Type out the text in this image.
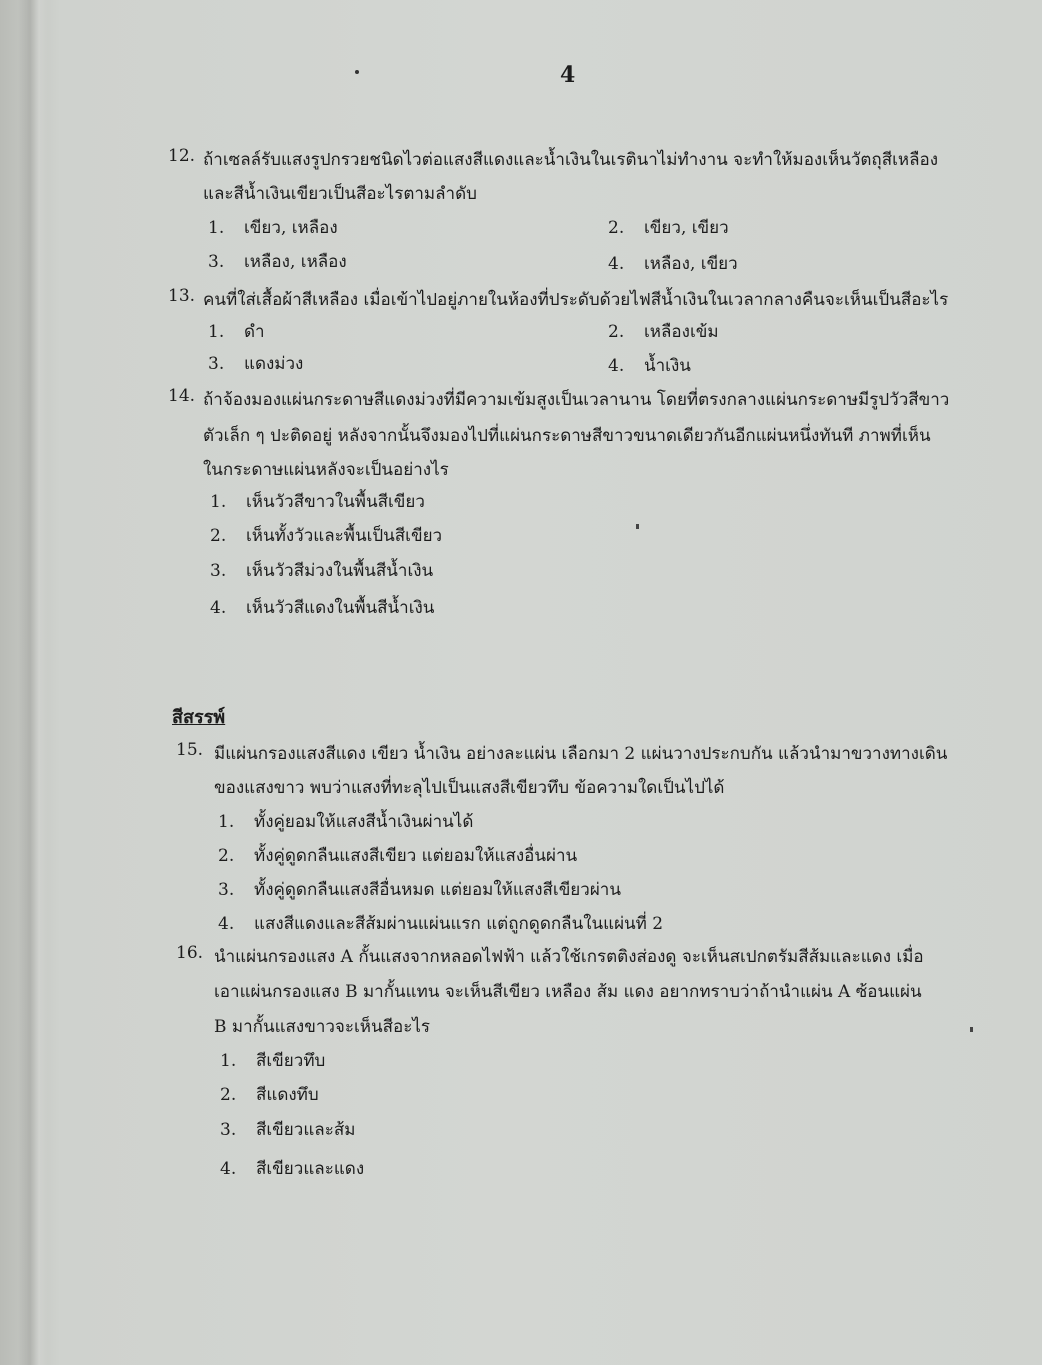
4
12. ถ้าเซลล์รับแสงรูปกรวยชนิดไวต่อแสงสีแดงและน้ำเงินในเรตินาไม่ทำงาน จะทำให้มองเห็นวัตถุสีเหลือง
และสีน้ำเงินเขียวเป็นสีอะไรตามลำดับ
1. เขียว, เหลือง	2. เขียว, เขียว
3. เหลือง, เหลือง	4. เหลือง, เขียว
13. คนที่ใส่เสื้อผ้าสีเหลือง เมื่อเข้าไปอยู่ภายในห้องที่ประดับด้วยไฟสีน้ำเงินในเวลากลางคืนจะเห็นเป็นสีอะไร
1. ดำ	2. เหลืองเข้ม
3. แดงม่วง	4. น้ำเงิน
14. ถ้าจ้องมองแผ่นกระดาษสีแดงม่วงที่มีความเข้มสูงเป็นเวลานาน โดยที่ตรงกลางแผ่นกระดาษมีรูปวัวสีขาว
ตัวเล็ก ๆ ปะติดอยู่ หลังจากนั้นจึงมองไปที่แผ่นกระดาษสีขาวขนาดเดียวกันอีกแผ่นหนึ่งทันที ภาพที่เห็น
ในกระดาษแผ่นหลังจะเป็นอย่างไร
1. เห็นวัวสีขาวในพื้นสีเขียว
2. เห็นทั้งวัวและพื้นเป็นสีเขียว
3. เห็นวัวสีม่วงในพื้นสีน้ำเงิน
4. เห็นวัวสีแดงในพื้นสีน้ำเงิน
สีสรรพ์
15. มีแผ่นกรองแสงสีแดง เขียว น้ำเงิน อย่างละแผ่น เลือกมา 2 แผ่นวางประกบกัน แล้วนำมาขวางทางเดิน
ของแสงขาว พบว่าแสงที่ทะลุไปเป็นแสงสีเขียวทึบ ข้อความใดเป็นไปได้
1. ทั้งคู่ยอมให้แสงสีน้ำเงินผ่านได้
2. ทั้งคู่ดูดกลืนแสงสีเขียว แต่ยอมให้แสงอื่นผ่าน
3. ทั้งคู่ดูดกลืนแสงสีอื่นหมด แต่ยอมให้แสงสีเขียวผ่าน
4. แสงสีแดงและสีส้มผ่านแผ่นแรก แต่ถูกดูดกลืนในแผ่นที่ 2
16. นำแผ่นกรองแสง A กั้นแสงจากหลอดไฟฟ้า แล้วใช้เกรตติงส่องดู จะเห็นสเปกตรัมสีส้มและแดง เมื่อ
เอาแผ่นกรองแสง B มากั้นแทน จะเห็นสีเขียว เหลือง ส้ม แดง อยากทราบว่าถ้านำแผ่น A ซ้อนแผ่น
B มากั้นแสงขาวจะเห็นสีอะไร
1. สีเขียวทึบ
2. สีแดงทึบ
3. สีเขียวและส้ม
4. สีเขียวและแดง
